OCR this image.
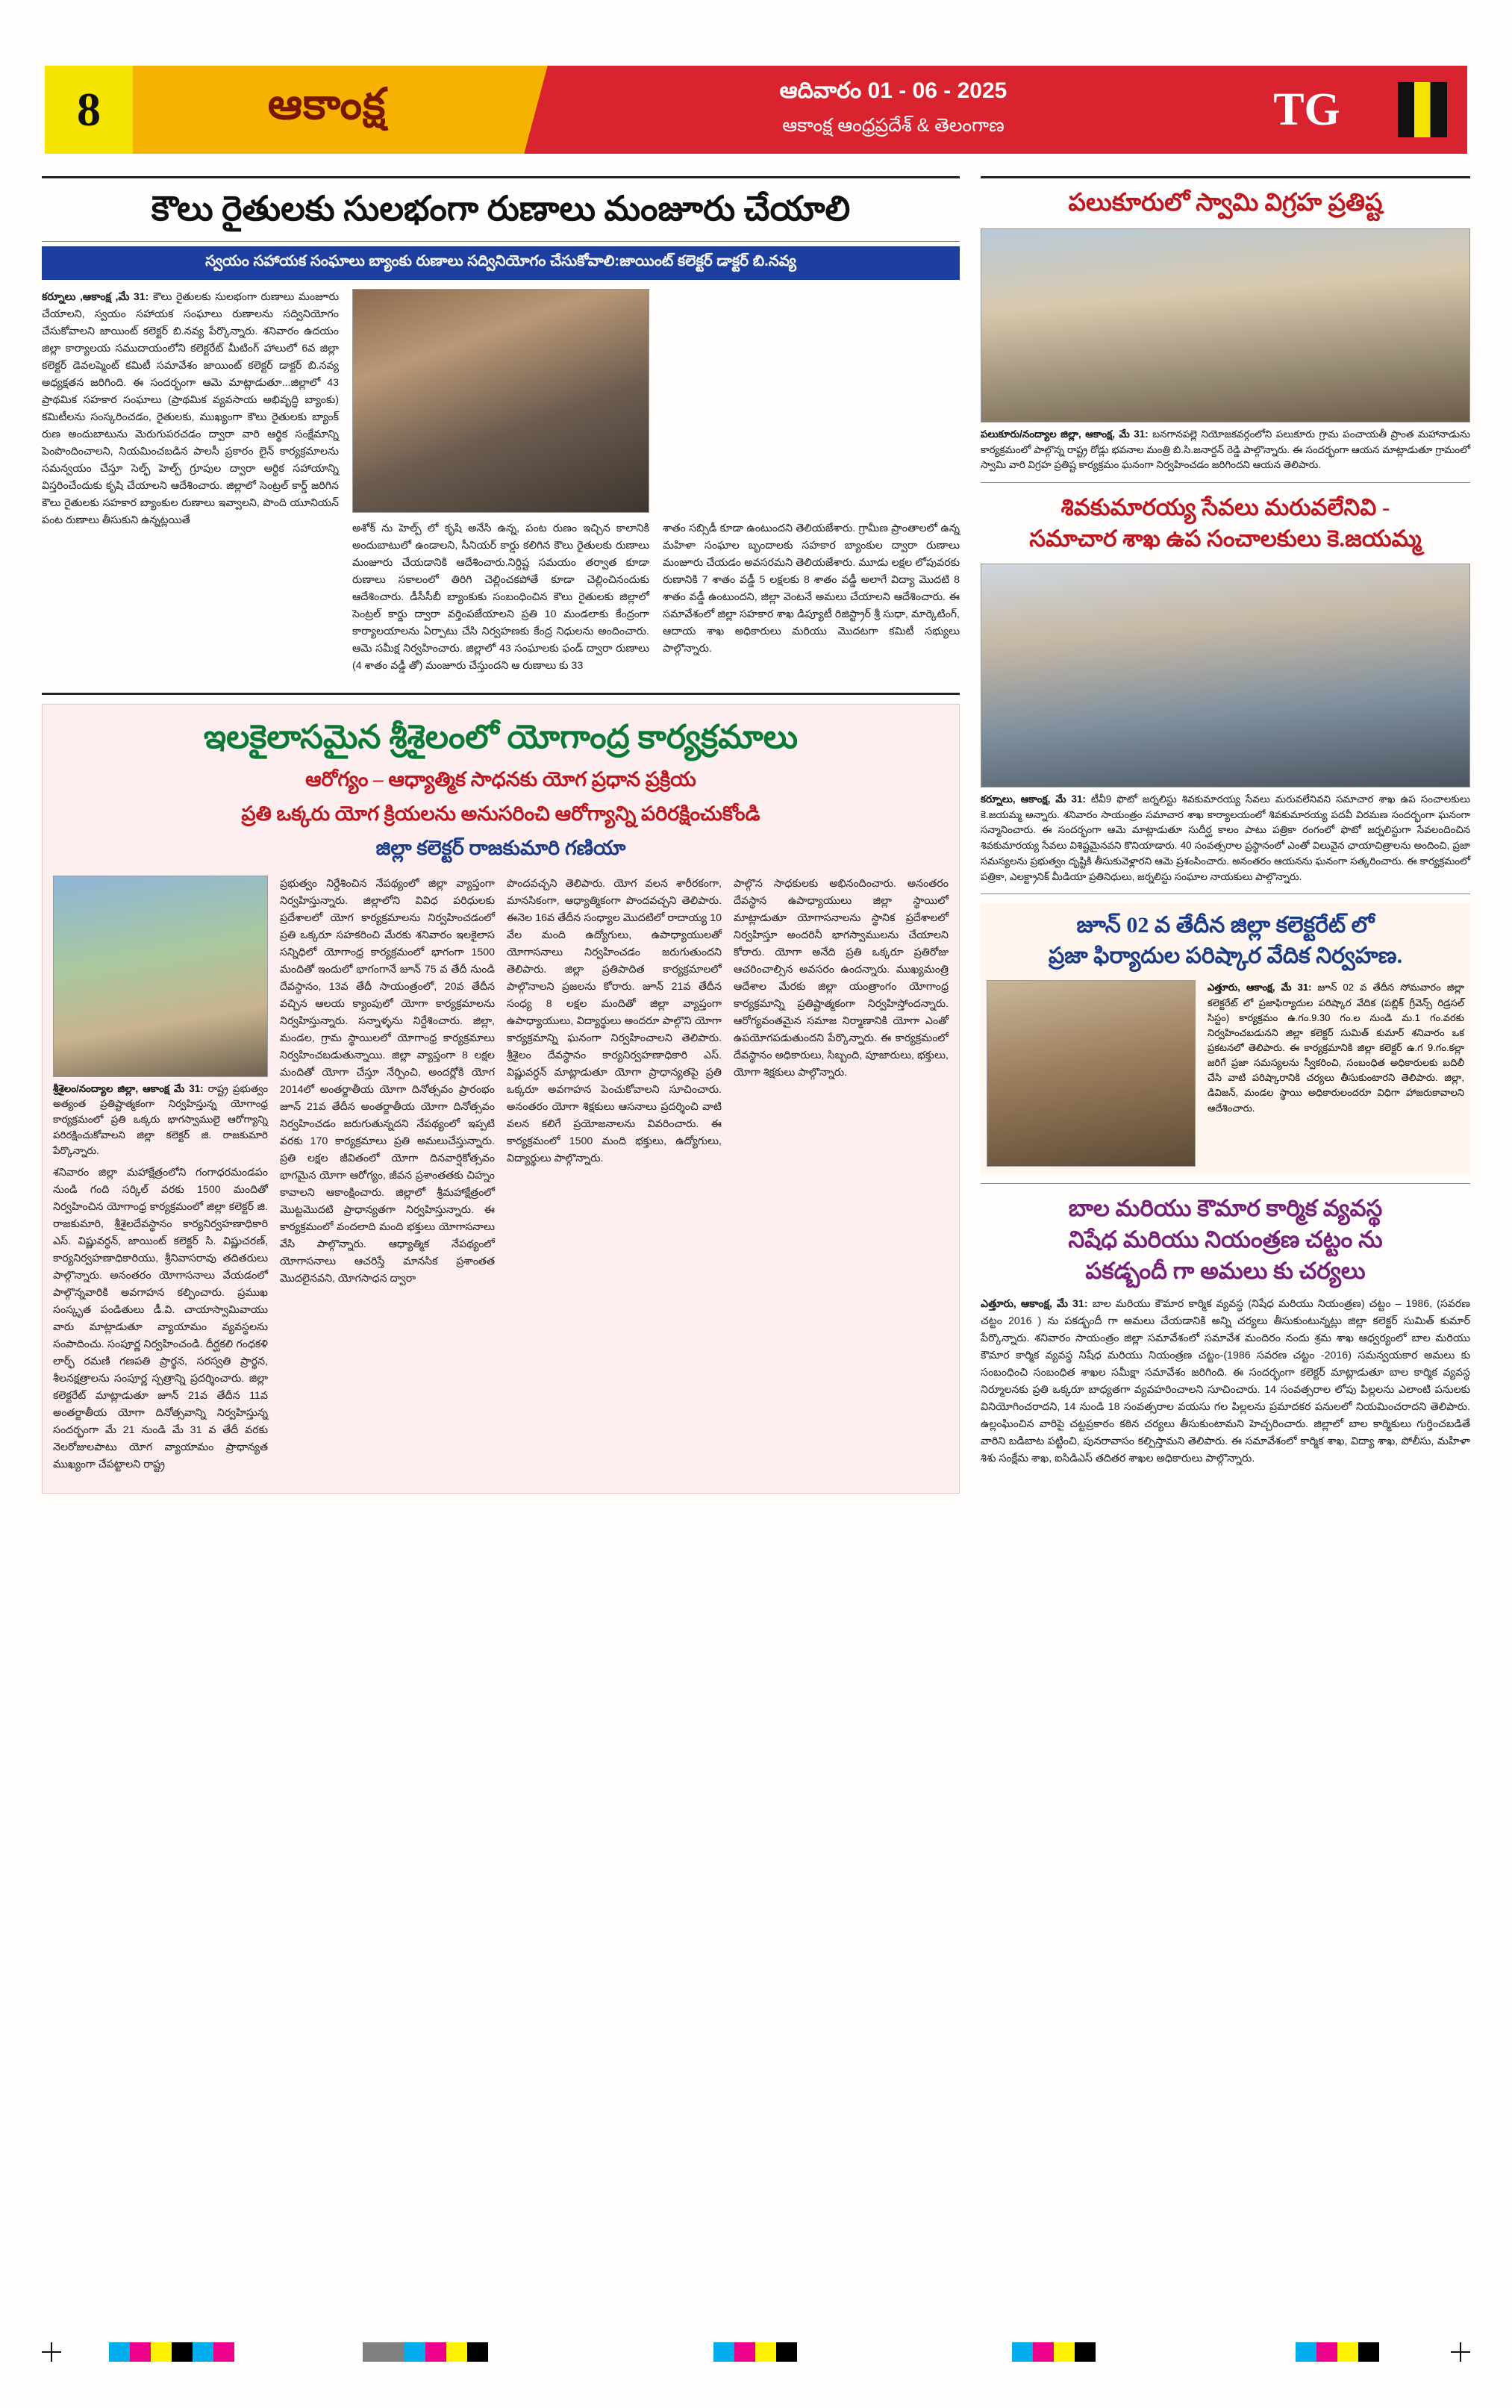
8	ఆకాంక్ష	ఆదివారం 01 - 06 - 2025
ఆకాంక్ష ఆంధ్రప్రదేశ్ & తెలంగాణ	TG
కౌలు రైతులకు సులభంగా రుణాలు మంజూరు చేయాలి
స్వయం సహాయక సంఘాలు బ్యాంకు రుణాలు సద్వినియోగం చేసుకోవాలి:జాయింట్ కలెక్టర్ డాక్టర్ బి.నవ్య

కర్నూలు ,ఆకాంక్ష ,మే 31: కౌలు రైతులకు సులభంగా రుణాలు మంజూరు చేయాలని, స్వయం సహాయక సంఘాలు రుణాలను సద్వినియోగం చేసుకోవాలని జాయింట్ కలెక్టర్ బి.నవ్య పేర్కొన్నారు. శనివారం ఉదయం జిల్లా కార్యాలయ సముదాయంలోని కలెక్టరేట్ మీటింగ్ హాలులో 6వ జిల్లా కలెక్టర్ డెవలప్మెంట్ కమిటీ సమావేశం జాయింట్ కలెక్టర్ డాక్టర్ బి.నవ్య అధ్యక్షతన జరిగింది. ఈ సందర్భంగా ఆమె మాట్లాడుతూ...జిల్లాలో 43 ప్రాథమిక సహకార సంఘాలు (ప్రాథమిక వ్యవసాయ అభివృద్ధి బ్యాంకు) కమిటీలను సంస్కరించడం, రైతులకు, ముఖ్యంగా కౌలు రైతులకు బ్యాంక్ రుణ అందుబాటును మెరుగుపరచడం ద్వారా వారి ఆర్థిక సంక్షేమాన్ని పెంపొందించాలని, నియమించబడిన పాలసీ ప్రకారం లైన్ కార్యక్రమాలను సమన్వయం చేస్తూ సెల్ఫ్ హెల్ప్ గ్రూపుల ద్వారా ఆర్థిక సహాయాన్ని విస్తరించేందుకు కృషి చేయాలని ఆదేశించారు. జిల్లాలో సెంట్రల్ కార్డ్ జరిగిన కౌలు రైతులకు సహకార బ్యాంకుల రుణాలు ఇవ్వాలని, పొంది యూనియన్ పంట రుణాలు తీసుకుని ఉన్నట్లయితే

అశోక్ ను హెల్ప్ లో కృషి అనేసి ఉన్న, పంట రుణం ఇచ్చిన కాలానికి అందుబాటులో ఉండాలని, సీనియర్ కార్డు కలిగిన కౌలు రైతులకు రుణాలు మంజూరు చేయడానికి ఆదేశించారు.నిర్దిష్ట సమయం తర్వాత కూడా రుణాలు సకాలంలో తిరిగి చెల్లించకపోతే కూడా చెల్లించినందుకు ఆదేశించారు. డీసీసీబీ బ్యాంకుకు సంబంధించిన కౌలు రైతులకు జిల్లాలో సెంట్రల్ కార్డు ద్వారా వర్తింపజేయాలని ప్రతి 10 మండలాకు కేంద్రంగా కార్యాలయాలను ఏర్పాటు చేసి నిర్వహణకు కేంద్ర నిధులను అందించారు. ఆమె సమీక్ష నిర్వహించారు. జిల్లాలో 43 సంఘాలకు ఫండ్ ద్వారా రుణాలు (4 శాతం వడ్డీ తో) మంజూరు చేస్తుందని ఆ రుణాలు కు 33

శాతం సబ్సిడీ కూడా ఉంటుందని తెలియజేశారు. గ్రామీణ ప్రాంతాలలో ఉన్న మహిళా సంఘాల బృందాలకు సహకార బ్యాంకుల ద్వారా రుణాలు మంజూరు చేయడం అవసరమని తెలియజేశారు. మూడు లక్షల లోపువరకు రుణానికి 7 శాతం వడ్డీ 5 లక్షలకు 8 శాతం వడ్డీ అలాగే విద్యా మెుదటి 8 శాతం వడ్డీ ఉంటుందని, జిల్లా వెంటనే అమలు చేయాలని ఆదేశించారు. ఈ సమావేశంలో జిల్లా సహకార శాఖ డిప్యూటీ రిజిస్ట్రార్ శ్రీ సుధా, మార్కెటింగ్, ఆదాయ శాఖ అధికారులు మరియు మెుదటగా కమిటీ సభ్యులు పాల్గొన్నారు.

ఇలకైలాసమైన శ్రీశైలంలో యోగాంద్ర కార్యక్రమాలు
ఆరోగ్యం – ఆధ్యాత్మిక సాధనకు యోగ ప్రధాన ప్రక్రియ
ప్రతి ఒక్కరు యోగ క్రియలను అనుసరించి ఆరోగ్యాన్ని పరిరక్షించుకోండి
జిల్లా కలెక్టర్ రాజకుమారి గణియా
శ్రీశైలం/నంద్యాల జిల్లా, ఆకాంక్ష మే 31: రాష్ట్ర ప్రభుత్వం అత్యంత ప్రతిష్టాత్మకంగా నిర్వహిస్తున్న యోగాంధ్ర కార్యక్రమంలో ప్రతి ఒక్కరు భాగస్వాములై ఆరోగ్యాన్ని పరిరక్షించుకోవాలని జిల్లా కలెక్టర్ జి. రాజకుమారి పేర్కొన్నారు.

శనివారం జిల్లా మహాక్షేత్రంలోని గంగాధరమండపం నుండి గంది సర్కిల్ వరకు 1500 మందితో నిర్వహించిన యోగాంధ్ర కార్యక్రమంలో జిల్లా కలెక్టర్ జి. రాజకుమారి, శ్రీశైలదేవస్థానం కార్యనిర్వహణాధికారి ఎస్. విష్ణువర్ధన్, జాయింట్ కలెక్టర్ సి. విష్ణుచరణ్, కార్యనిర్వహణాధికారియు, శ్రీనివాసరావు తదితరులు పాల్గొన్నారు. అనంతరం యోగాసనాలు వేయడంలో పాల్గొన్నవారికి అవగాహన కల్పించారు. ప్రముఖ సంస్కృత పండితులు డీ.వి. చాయాస్వామివాయు వారు మాట్లాడుతూ వ్యాయామం వ్యవస్థలను సంపాదించు. సంపూర్ణ నిర్వహించండి. దీర్ఘకలి గంధకళి లార్ఫ్ రమణి గణపతి ప్రార్థన, సరస్వతి ప్రార్థన, శీలనక్షత్రాలను సంపూర్ణ స్పత్రాన్ని ప్రదర్శించారు. జిల్లా కలెక్టరేట్ మాట్లాడుతూ జూన్ 21వ తేదీన 11వ అంతర్జాతీయ యోగా దినోత్సవాన్ని నిర్వహిస్తున్న సందర్భంగా మే 21 నుండి మే 31 వ తేదీ వరకు నెలరోజులపాటు యోగ వ్యాయామం ప్రాధాన్యత ముఖ్యంగా చేపట్టాలని రాష్ట్ర

ప్రభుత్వం నిర్దేశించిన నేపథ్యంలో జిల్లా వ్యాప్తంగా నిర్వహిస్తున్నారు. జిల్లాలోని వివిధ పరిధులకు ప్రదేశాలలో యోగ కార్యక్రమాలను నిర్వహించడంలో ప్రతి ఒక్కరూ సహకరించి మేరకు శనివారం ఇలకైలాస సన్నిధిలో యోగాంధ్ర కార్యక్రమంలో భాగంగా 1500 మందితో ఇందులో భాగంగానే జూన్ 75 వ తేదీ నుండి దేవస్థానం, 13వ తేదీ సాయంత్రంలో, 20వ తేదీన వచ్చిన ఆలయ క్యాంపులో యోగా కార్యక్రమాలను నిర్వహిస్తున్నారు. సన్నాళ్ళను నిర్దేశించారు. జిల్లా, మండల, గ్రామ స్థాయిలలో యోగాంధ్ర కార్యక్రమాలు నిర్వహించబడుతున్నాయి. జిల్లా వ్యాప్తంగా 8 లక్షల మందితో యోగా చేస్తూ నేర్పించి, అందర్లోకి యోగ 2014లో అంతర్జాతీయ యోగా దినోత్సవం ప్రారంభం జూన్ 21వ తేదీన అంతర్జాతీయ యోగా దినోత్సవం నిర్వహించడం జరుగుతున్నదని నేపథ్యంలో ఇప్పటి వరకు 170 కార్యక్రమాలు ప్రతి అమలుచేస్తున్నారు. ప్రతి లక్షల జీవితంలో యోగా దినవార్షికోత్సవం భాగమైన యోగా ఆరోగ్యం, జీవన ప్రశాంతతకు చిహ్నం కావాలని ఆకాంక్షించారు. జిల్లాలో శ్రీమహాక్షేత్రంలో మెుట్టమెుదటి ప్రాధాన్యతగా నిర్వహిస్తున్నారు. ఈ కార్యక్రమంలో వందలాది మంది భక్తులు యోగాసనాలు వేసి పాల్గొన్నారు. ఆధ్యాత్మిక నేపథ్యంలో యోగాసనాలు ఆచరిస్తే మానసిక ప్రశాంతత మెుదలైనవని, యోగసాధన ద్వారా

పొందవచ్చని తెలిపారు. యోగ వలన శారీరకంగా, మానసికంగా, ఆధ్యాత్మికంగా పొందవచ్చని తెలిపారు. ఈనెల 16వ తేదీన సంధ్యాల మెుదటిలో రాదాయ్య 10 వేల మంది ఉద్యోగులు, ఉపాధ్యాయులతో యోగాసనాలు నిర్వహించడం జరుగుతుందని తెలిపారు. జిల్లా ప్రతిపాదిత కార్యక్రమాలలో పాల్గొనాలని ప్రజలను కోరారు. జూన్ 21వ తేదీన సంధ్య 8 లక్షల మందితో జిల్లా వ్యాప్తంగా ఉపాధ్యాయులు, విద్యార్థులు అందరూ పాల్గొని యోగా కార్యక్రమాన్ని ఘనంగా నిర్వహించాలని తెలిపారు. శ్రీశైలం దేవస్థానం కార్యనిర్వహణాధికారి ఎస్. విష్ణువర్ధన్ మాట్లాడుతూ యోగా ప్రాధాన్యతపై ప్రతి ఒక్కరూ అవగాహన పెంచుకోవాలని సూచించారు. అనంతరం యోగా శిక్షకులు ఆసనాలు ప్రదర్శించి వాటి వలన కలిగే ప్రయోజనాలను వివరించారు. ఈ కార్యక్రమంలో 1500 మంది భక్తులు, ఉద్యోగులు, విద్యార్థులు పాల్గొన్నారు.

పాల్గొన సాధకులకు అభినందించారు. అనంతరం దేవస్థాన ఉపాధ్యాయులు జిల్లా స్థాయిలో మాట్లాడుతూ యోగాసనాలను స్థానిక ప్రదేశాలలో నిర్వహిస్తూ అందరినీ భాగస్వాములను చేయాలని కోరారు. యోగా అనేది ప్రతి ఒక్కరూ ప్రతిరోజు ఆచరించాల్సిన అవసరం ఉందన్నారు. ముఖ్యమంత్రి ఆదేశాల మేరకు జిల్లా యంత్రాంగం యోగాంధ్ర కార్యక్రమాన్ని ప్రతిష్టాత్మకంగా నిర్వహిస్తోందన్నారు. ఆరోగ్యవంతమైన సమాజ నిర్మాణానికి యోగా ఎంతో ఉపయోగపడుతుందని పేర్కొన్నారు. ఈ కార్యక్రమంలో దేవస్థానం అధికారులు, సిబ్బంది, పూజారులు, భక్తులు, యోగా శిక్షకులు పాల్గొన్నారు.

పలుకూరులో స్వామి విగ్రహ ప్రతిష్ట
పలుకూరు/నంద్యాల జిల్లా, ఆకాంక్ష, మే 31: బనగానపల్లె నియోజకవర్గంలోని పలుకూరు గ్రామ పంచాయతీ ప్రాంత మహానాడును కార్యక్రమంలో పాల్గొన్న రాష్ట్ర రోడ్లు భవనాల మంత్రి బి.సి.జనార్దన్ రెడ్డి పాల్గొన్నారు. ఈ సందర్భంగా ఆయన మాట్లాడుతూ గ్రామంలో స్వామి వారి విగ్రహ ప్రతిష్ట కార్యక్రమం ఘనంగా నిర్వహించడం జరిగిందని ఆయన తెలిపారు.
శివకుమారయ్య సేవలు మరువలేనివి -
సమాచార శాఖ ఉప సంచాలకులు కె.జయమ్మ
కర్నూలు, ఆకాంక్ష, మే 31: టీవీ9 ఫొటో జర్నలిస్టు శివకుమారయ్య సేవలు మరువలేనివని సమాచార శాఖ ఉప సంచాలకులు కె.జయమ్మ అన్నారు. శనివారం సాయంత్రం సమాచార శాఖ కార్యాలయంలో శివకుమారయ్య పదవీ విరమణ సందర్భంగా ఘనంగా సన్మానించారు. ఈ సందర్భంగా ఆమె మాట్లాడుతూ సుదీర్ఘ కాలం పాటు పత్రికా రంగంలో ఫొటో జర్నలిస్టుగా సేవలందించిన శివకుమారయ్య సేవలు విశిష్టమైనవని కొనియాడారు. 40 సంవత్సరాల ప్రస్థానంలో ఎంతో విలువైన ఛాయాచిత్రాలను అందించి, ప్రజా సమస్యలను ప్రభుత్వం దృష్టికి తీసుకువెళ్లారని ఆమె ప్రశంసించారు. అనంతరం ఆయనను ఘనంగా సత్కరించారు. ఈ కార్యక్రమంలో పత్రికా, ఎలక్ట్రానిక్ మీడియా ప్రతినిధులు, జర్నలిస్టు సంఘాల నాయకులు పాల్గొన్నారు.
జూన్ 02 వ తేదీన జిల్లా కలెక్టరేట్ లో
ప్రజా ఫిర్యాదుల పరిష్కార వేదిక నిర్వహణ.
ఎత్తూరు, ఆకాంక్ష, మే 31: జూన్ 02 వ తేదీన సోమవారం జిల్లా కలెక్టరేట్ లో ప్రజాఫిర్యాదుల పరిష్కార వేదిక (పబ్లిక్ గ్రీవెన్స్ రిడ్రసల్ సిస్టం) కార్యక్రమం ఉ.గం.9.30 గం.ల నుండి మ.1 గం.వరకు నిర్వహించబడునని జిల్లా కలెక్టర్ సుమిత్ కుమార్ శనివారం ఒక ప్రకటనలో తెలిపారు. ఈ కార్యక్రమానికి జిల్లా కలెక్టర్ ఉ.గ 9.గం.కల్లా జరిగే ప్రజా సమస్యలను స్వీకరించి, సంబంధిత అధికారులకు బదిలీ చేసి వాటి పరిష్కారానికి చర్యలు తీసుకుంటారని తెలిపారు. జిల్లా, డివిజన్, మండల స్థాయి అధికారులందరూ విధిగా హాజరుకావాలని ఆదేశించారు.
బాల మరియు కౌమార కార్మిక వ్యవస్థ
నిషేధ మరియు నియంత్రణ చట్టం ను
పకడ్బందీ గా అమలు కు చర్యలు

ఎత్తూరు, ఆకాంక్ష, మే 31: బాల మరియు కౌమార కార్మిక వ్యవస్థ (నిషేధ మరియు నియంత్రణ) చట్టం – 1986, (సవరణ చట్టం 2016 ) ను పకడ్బందీ గా అమలు చేయడానికి అన్ని చర్యలు తీసుకుంటున్నట్లు జిల్లా కలెక్టర్ సుమిత్ కుమార్ పేర్కొన్నారు. శనివారం సాయంత్రం జిల్లా సమావేశంలో సమావేశ మందిరం నందు శ్రమ శాఖ ఆధ్వర్యంలో బాల మరియు కౌమార కార్మిక వ్యవస్థ నిషేధ మరియు నియంత్రణ చట్టం-(1986 సవరణ చట్టం -2016) సమన్వయకార అమలు కు సంబంధించి సంబంధిత శాఖల సమీక్షా సమావేశం జరిగింది. ఈ సందర్భంగా కలెక్టర్ మాట్లాడుతూ బాల కార్మిక వ్యవస్థ నిర్మూలనకు ప్రతి ఒక్కరూ బాధ్యతగా వ్యవహరించాలని సూచించారు. 14 సంవత్సరాల లోపు పిల్లలను ఎలాంటి పనులకు వినియోగించరాదని, 14 నుండి 18 సంవత్సరాల వయసు గల పిల్లలను ప్రమాదకర పనులలో నియమించరాదని తెలిపారు. ఉల్లంఘించిన వారిపై చట్టప్రకారం కఠిన చర్యలు తీసుకుంటామని హెచ్చరించారు. జిల్లాలో బాల కార్మికులు గుర్తించబడితే వారిని బడిబాట పట్టించి, పునరావాసం కల్పిస్తామని తెలిపారు. ఈ సమావేశంలో కార్మిక శాఖ, విద్యా శాఖ, పోలీసు, మహిళా శిశు సంక్షేమ శాఖ, ఐసిడిఎస్ తదితర శాఖల అధికారులు పాల్గొన్నారు.
